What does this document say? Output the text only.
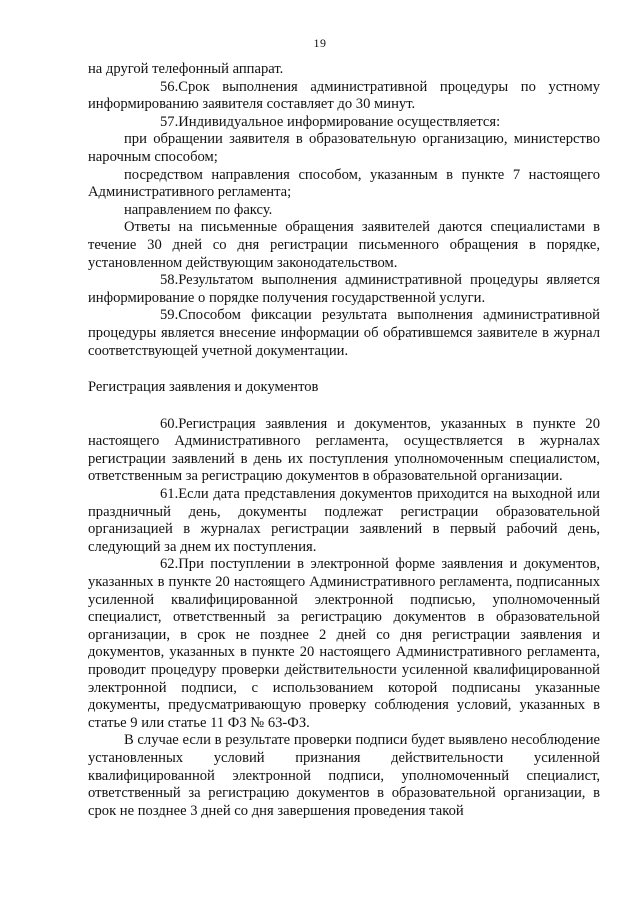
19

на другой телефонный аппарат.

56.Срок выполнения административной процедуры по устному информированию заявителя составляет до 30 минут.

57.Индивидуальное информирование осуществляется:

при обращении заявителя в образовательную организацию, министерство нарочным способом;

посредством направления способом, указанным в пункте 7 настоящего Административного регламента;

направлением по факсу.

Ответы на письменные обращения заявителей даются специалистами в течение 30 дней со дня регистрации письменного обращения в порядке, установленном действующим законодательством.

58.Результатом выполнения административной процедуры является информирование о порядке получения государственной услуги.

59.Способом фиксации результата выполнения административной процедуры является внесение информации об обратившемся заявителе в журнал соответствующей учетной документации.

Регистрация заявления и документов

60.Регистрация заявления и документов, указанных в пункте 20 настоящего Административного регламента, осуществляется в журналах регистрации заявлений в день их поступления уполномоченным специалистом, ответственным за регистрацию документов в образовательной организации.

61.Если дата представления документов приходится на выходной или праздничный день, документы подлежат регистрации образовательной организацией в журналах регистрации заявлений в первый рабочий день, следующий за днем их поступления.

62.При поступлении в электронной форме заявления и документов, указанных в пункте 20 настоящего Административного регламента, подписанных усиленной квалифицированной электронной подписью, уполномоченный специалист, ответственный за регистрацию документов в образовательной организации, в срок не позднее 2 дней со дня регистрации заявления и документов, указанных в пункте 20 настоящего Административного регламента, проводит процедуру проверки действительности усиленной квалифицированной электронной подписи, с использованием которой подписаны указанные документы, предусматривающую проверку соблюдения условий, указанных в статье 9 или статье 11 ФЗ № 63-ФЗ.

В случае если в результате проверки подписи будет выявлено несоблюдение установленных условий признания действительности усиленной квалифицированной электронной подписи, уполномоченный специалист, ответственный за регистрацию документов в образовательной организации, в срок не позднее 3 дней со дня завершения проведения такой
